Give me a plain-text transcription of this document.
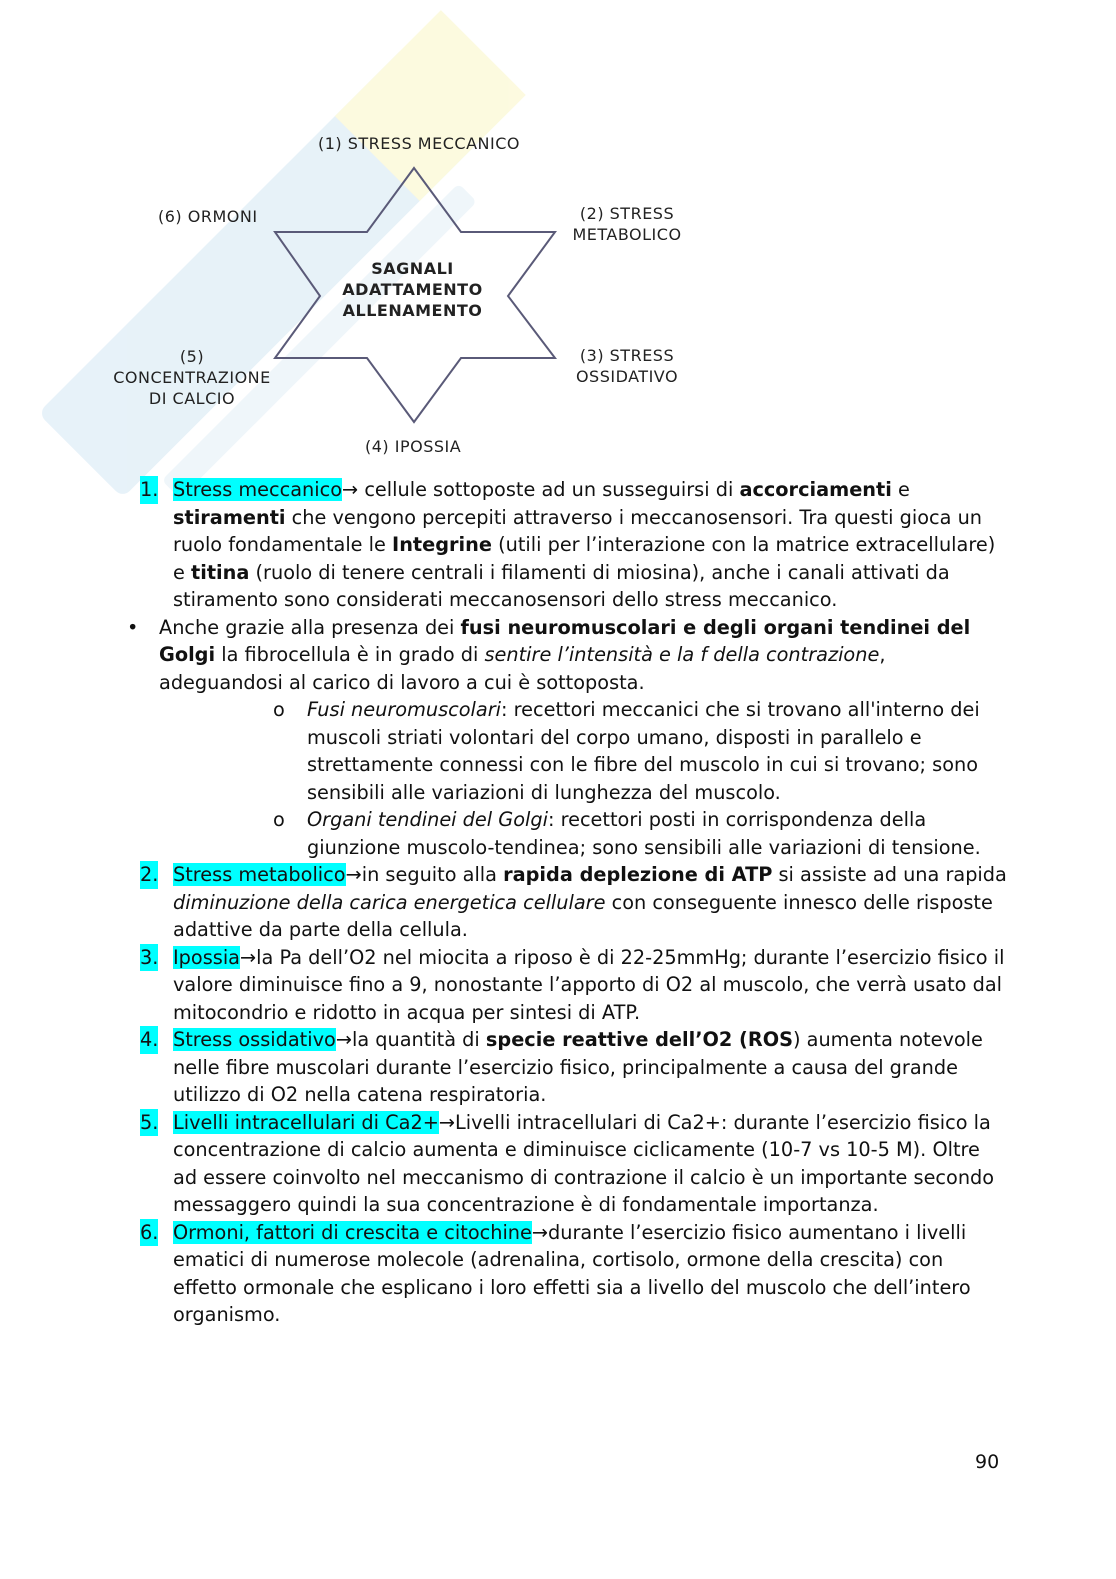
(1) STRESS MECCANICO
(2) STRESS
METABOLICO
(3) STRESS
OSSIDATIVO
(4) IPOSSIA
(5)
CONCENTRAZIONE
DI CALCIO
(6) ORMONI
SAGNALI
ADATTAMENTO
ALLENAMENTO
1. Stress meccanico→ cellule sottoposte ad un susseguirsi di accorciamenti e stiramenti che vengono percepiti attraverso i meccanosensori. Tra questi gioca un ruolo fondamentale le Integrine (utili per l’interazione con la matrice extracellulare) e titina (ruolo di tenere centrali i filamenti di miosina), anche i canali attivati da stiramento sono considerati meccanosensori dello stress meccanico.
• Anche grazie alla presenza dei fusi neuromuscolari e degli organi tendinei del Golgi la fibrocellula è in grado di sentire l’intensità e la f della contrazione, adeguandosi al carico di lavoro a cui è sottoposta.
o Fusi neuromuscolari: recettori meccanici che si trovano all'interno dei muscoli striati volontari del corpo umano, disposti in parallelo e strettamente connessi con le fibre del muscolo in cui si trovano; sono sensibili alle variazioni di lunghezza del muscolo.
o Organi tendinei del Golgi: recettori posti in corrispondenza della giunzione muscolo-tendinea; sono sensibili alle variazioni di tensione.
2. Stress metabolico→in seguito alla rapida deplezione di ATP si assiste ad una rapida diminuzione della carica energetica cellulare con conseguente innesco delle risposte adattive da parte della cellula.
3. Ipossia→la Pa dell’O2 nel miocita a riposo è di 22-25mmHg; durante l’esercizio fisico il valore diminuisce fino a 9, nonostante l’apporto di O2 al muscolo, che verrà usato dal mitocondrio e ridotto in acqua per sintesi di ATP.
4. Stress ossidativo→la quantità di specie reattive dell’O2 (ROS) aumenta notevole nelle fibre muscolari durante l’esercizio fisico, principalmente a causa del grande utilizzo di O2 nella catena respiratoria.
5. Livelli intracellulari di Ca2+→Livelli intracellulari di Ca2+: durante l’esercizio fisico la concentrazione di calcio aumenta e diminuisce ciclicamente (10-7 vs 10-5 M). Oltre ad essere coinvolto nel meccanismo di contrazione il calcio è un importante secondo messaggero quindi la sua concentrazione è di fondamentale importanza.
6. Ormoni, fattori di crescita e citochine→durante l’esercizio fisico aumentano i livelli ematici di numerose molecole (adrenalina, cortisolo, ormone della crescita) con effetto ormonale che esplicano i loro effetti sia a livello del muscolo che dell’intero organismo.
90
